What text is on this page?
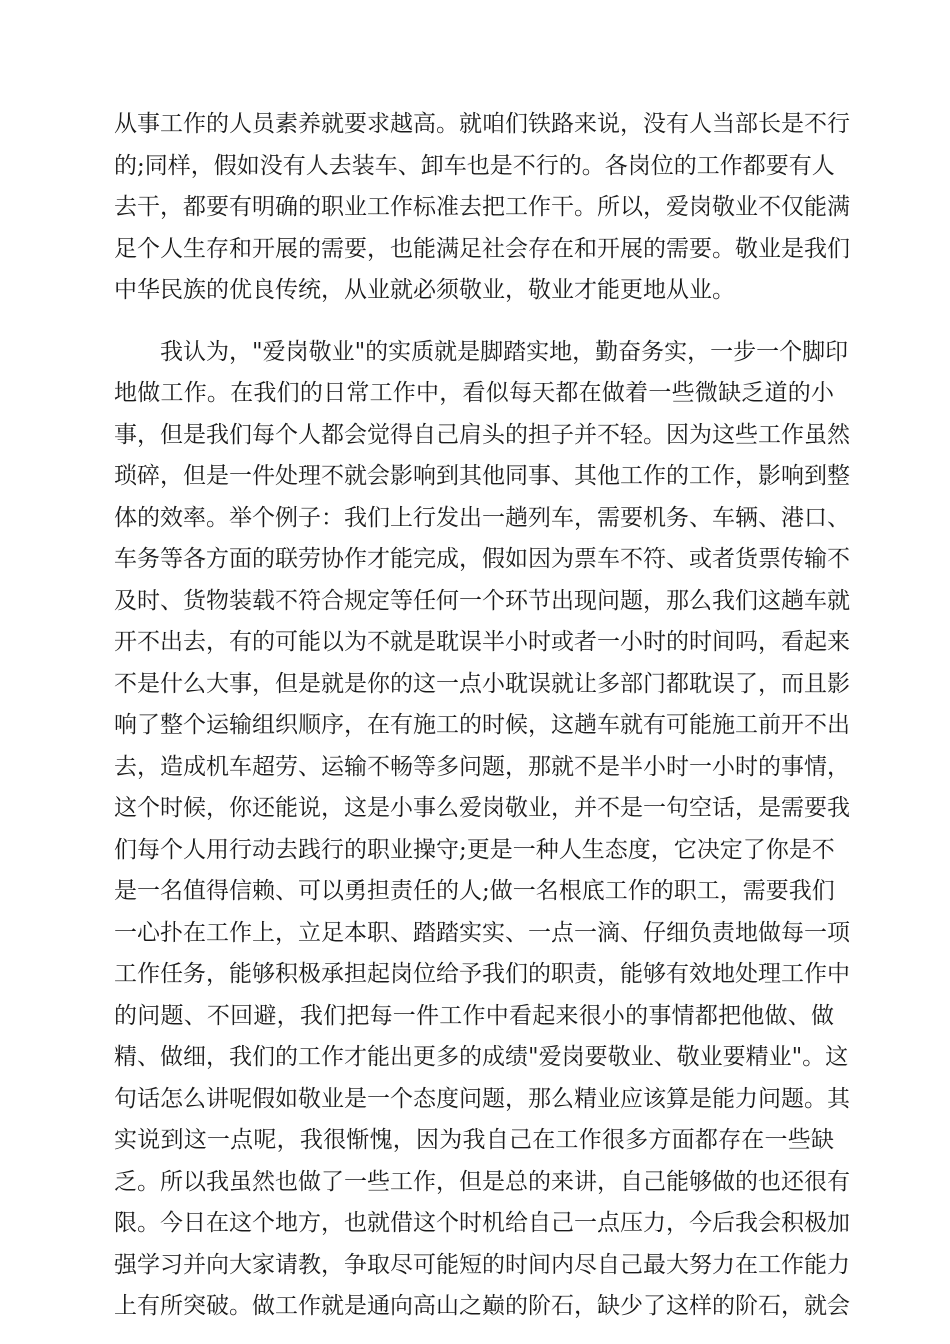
从事工作的人员素养就要求越高。就咱们铁路来说，没有人当部长是不行
的;同样，假如没有人去装车、卸车也是不行的。各岗位的工作都要有人
去干，都要有明确的职业工作标准去把工作干。所以，爱岗敬业不仅能满
足个人生存和开展的需要，也能满足社会存在和开展的需要。敬业是我们
中华民族的优良传统，从业就必须敬业，敬业才能更地从业。
我认为，"爱岗敬业"的实质就是脚踏实地，勤奋务实，一步一个脚印
地做工作。在我们的日常工作中，看似每天都在做着一些微缺乏道的小
事，但是我们每个人都会觉得自己肩头的担子并不轻。因为这些工作虽然
琐碎，但是一件处理不就会影响到其他同事、其他工作的工作，影响到整
体的效率。举个例子：我们上行发出一趟列车，需要机务、车辆、港口、
车务等各方面的联劳协作才能完成，假如因为票车不符、或者货票传输不
及时、货物装载不符合规定等任何一个环节出现问题，那么我们这趟车就
开不出去，有的可能以为不就是耽误半小时或者一小时的时间吗，看起来
不是什么大事，但是就是你的这一点小耽误就让多部门都耽误了，而且影
响了整个运输组织顺序，在有施工的时候，这趟车就有可能施工前开不出
去，造成机车超劳、运输不畅等多问题，那就不是半小时一小时的事情，
这个时候，你还能说，这是小事么爱岗敬业，并不是一句空话，是需要我
们每个人用行动去践行的职业操守;更是一种人生态度，它决定了你是不
是一名值得信赖、可以勇担责任的人;做一名根底工作的职工，需要我们
一心扑在工作上，立足本职、踏踏实实、一点一滴、仔细负责地做每一项
工作任务，能够积极承担起岗位给予我们的职责，能够有效地处理工作中
的问题、不回避，我们把每一件工作中看起来很小的事情都把他做、做
精、做细，我们的工作才能出更多的成绩"爱岗要敬业、敬业要精业"。这
句话怎么讲呢假如敬业是一个态度问题，那么精业应该算是能力问题。其
实说到这一点呢，我很惭愧，因为我自己在工作很多方面都存在一些缺
乏。所以我虽然也做了一些工作，但是总的来讲，自己能够做的也还很有
限。今日在这个地方，也就借这个时机给自己一点压力，今后我会积极加
强学习并向大家请教，争取尽可能短的时间内尽自己最大努力在工作能力
上有所突破。做工作就是通向高山之巅的阶石，缺少了这样的阶石，就会
